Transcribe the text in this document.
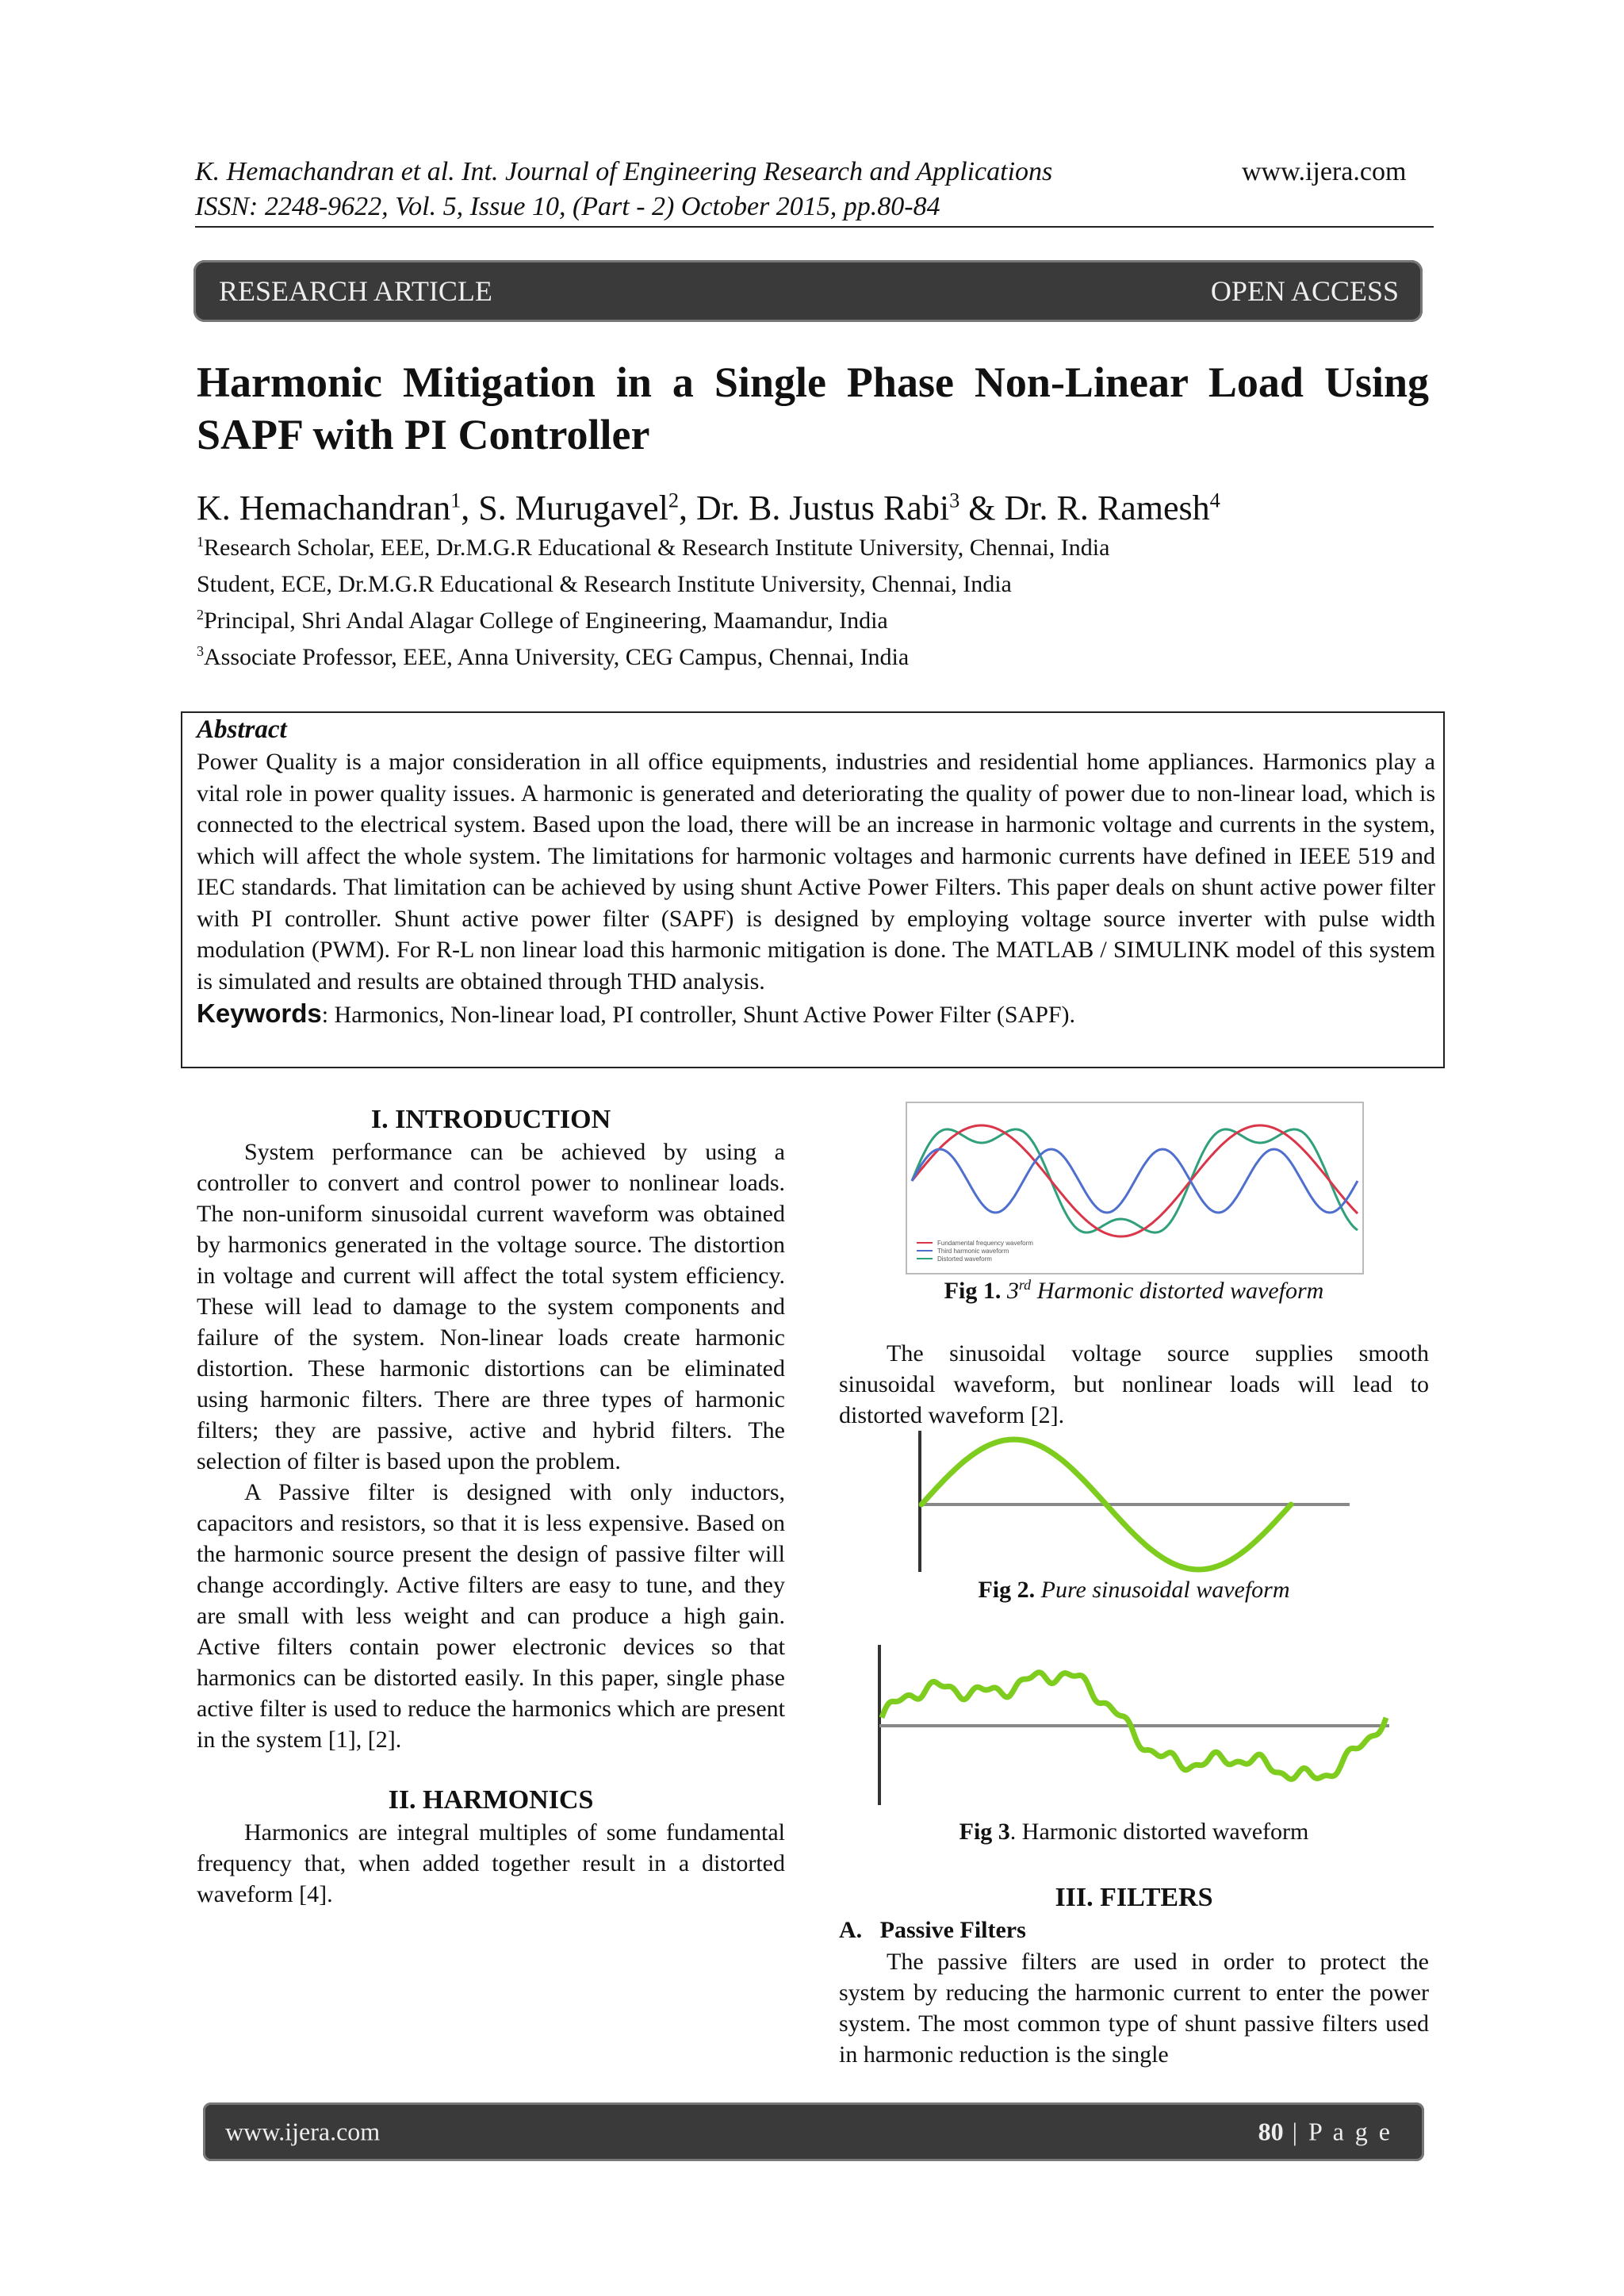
K. Hemachandran et al. Int. Journal of Engineering Research and Applications	www.ijera.com
ISSN: 2248-9622, Vol. 5, Issue 10, (Part - 2) October 2015, pp.80-84
RESEARCH ARTICLE	OPEN ACCESS
Harmonic Mitigation in a Single Phase Non-Linear Load Using
SAPF with PI Controller
K. Hemachandran$^1$, S. Murugavel$^2$, Dr. B. Justus Rabi$^3$ & Dr. R. Ramesh$^4$
$^1$Research Scholar, EEE, Dr.M.G.R Educational & Research Institute University, Chennai, India
Student, ECE, Dr.M.G.R Educational & Research Institute University, Chennai, India
$^2$Principal, Shri Andal Alagar College of Engineering, Maamandur, India
$^3$Associate Professor, EEE, Anna University, CEG Campus, Chennai, India
Abstract

Power Quality is a major consideration in all office equipments, industries and residential home appliances. Harmonics play a vital role in power quality issues. A harmonic is generated and deteriorating the quality of power due to non-linear load, which is connected to the electrical system. Based upon the load, there will be an increase in harmonic voltage and currents in the system, which will affect the whole system. The limitations for harmonic voltages and harmonic currents have defined in IEEE 519 and IEC standards. That limitation can be achieved by using shunt Active Power Filters. This paper deals on shunt active power filter with PI controller. Shunt active power filter (SAPF) is designed by employing voltage source inverter with pulse width modulation (PWM). For R-L non linear load this harmonic mitigation is done. The MATLAB / SIMULINK model of this system is simulated and results are obtained through THD analysis.

Keywords: Harmonics, Non-linear load, PI controller, Shunt Active Power Filter (SAPF).

I. INTRODUCTION

System performance can be achieved by using a controller to convert and control power to nonlinear loads. The non-uniform sinusoidal current waveform was obtained by harmonics generated in the voltage source. The distortion in voltage and current will affect the total system efficiency. These will lead to damage to the system components and failure of the system. Non-linear loads create harmonic distortion. These harmonic distortions can be eliminated using harmonic filters. There are three types of harmonic filters; they are passive, active and hybrid filters. The selection of filter is based upon the problem.

A Passive filter is designed with only inductors, capacitors and resistors, so that it is less expensive. Based on the harmonic source present the design of passive filter will change accordingly. Active filters are easy to tune, and they are small with less weight and can produce a high gain. Active filters contain power electronic devices so that harmonics can be distorted easily. In this paper, single phase active filter is used to reduce the harmonics which are present in the system [1], [2].

II. HARMONICS

Harmonics are integral multiples of some fundamental frequency that, when added together result in a distorted waveform [4].

Fundamental frequency waveform
Third harmonic waveform
Distorted waveform
Fig 1. 3rd Harmonic distorted waveform

The sinusoidal voltage source supplies smooth sinusoidal waveform, but nonlinear loads will lead to distorted waveform [2].

Fig 2. Pure sinusoidal waveform
Fig 3. Harmonic distorted waveform
III. FILTERS
A.   Passive Filters

The passive filters are used in order to protect the system by reducing the harmonic current to enter the power system. The most common type of shunt passive filters used in harmonic reduction is the single

www.ijera.com	80 | P a g e
